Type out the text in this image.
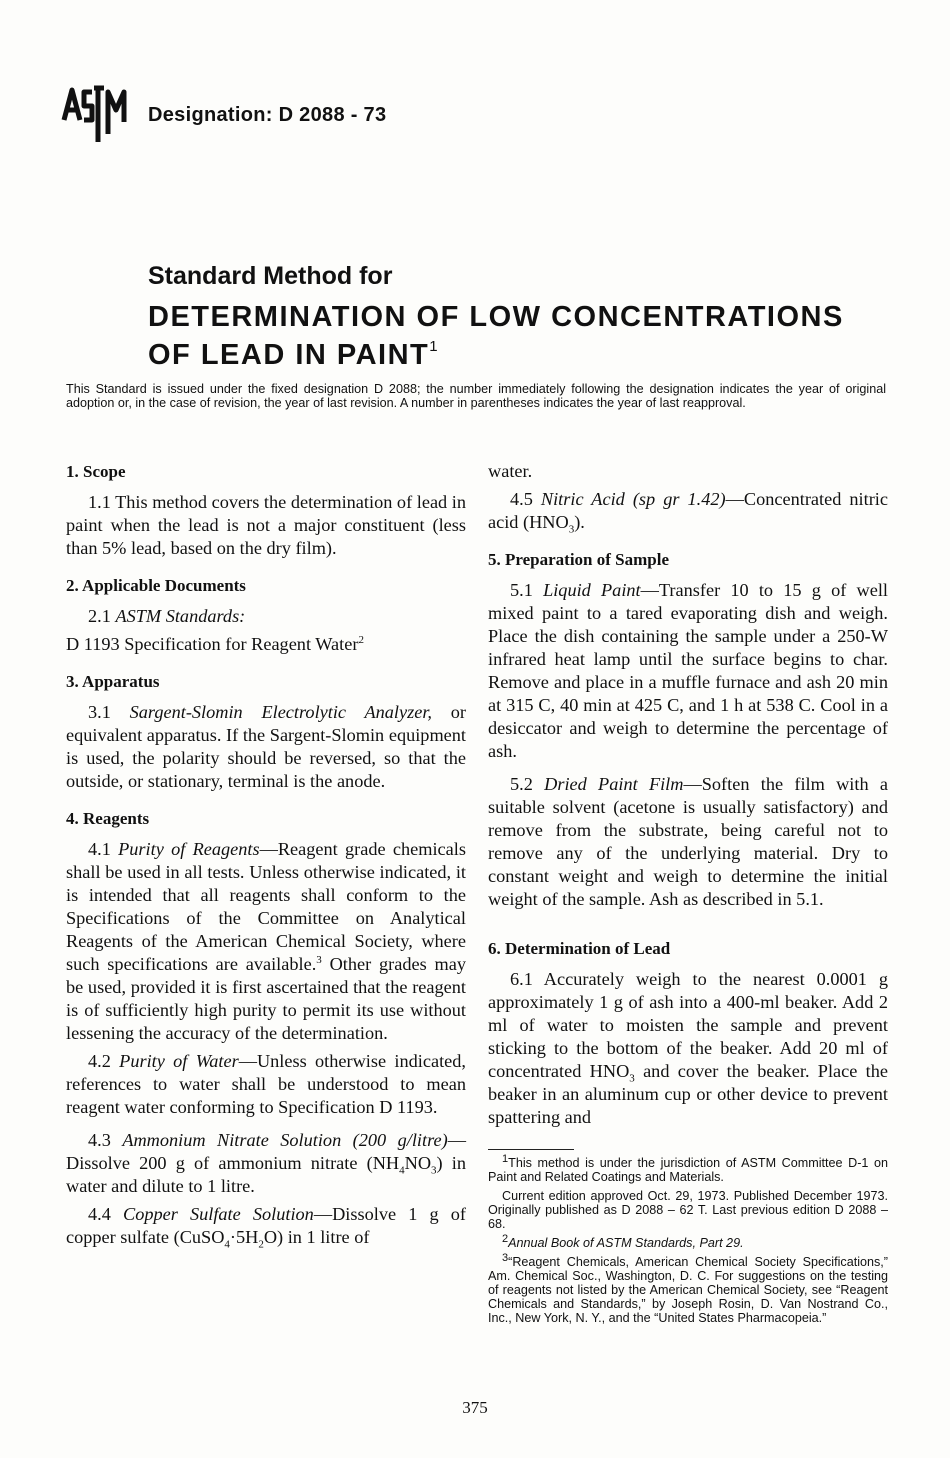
Designation: D 2088 - 73
Standard Method for
DETERMINATION OF LOW CONCENTRATIONS
OF LEAD IN PAINT$^1$
This Standard is issued under the fixed designation D 2088; the number immediately following the designation indicates the year of original adoption or, in the case of revision, the year of last revision. A number in parentheses indicates the year of last reapproval.
1. Scope

1.1 This method covers the determination of lead in paint when the lead is not a major constituent (less than 5% lead, based on the dry film).

2. Applicable Documents

2.1 ASTM Standards:

D 1193 Specification for Reagent Water$^2$

3. Apparatus

3.1 Sargent-Slomin Electrolytic Analyzer, or equivalent apparatus. If the Sargent-Slomin equipment is used, the polarity should be reversed, so that the outside, or stationary, terminal is the anode.

4. Reagents

4.1 Purity of Reagents—Reagent grade chemicals shall be used in all tests. Unless otherwise indicated, it is intended that all reagents shall conform to the Specifications of the Committee on Analytical Reagents of the American Chemical Society, where such specifications are available.$^3$ Other grades may be used, provided it is first ascertained that the reagent is of sufficiently high purity to permit its use without lessening the accuracy of the determination.

4.2 Purity of Water—Unless otherwise indicated, references to water shall be understood to mean reagent water conforming to Specification D 1193.

4.3 Ammonium Nitrate Solution (200 g/litre)—Dissolve 200 g of ammonium nitrate $(NH_4NO_3)$ in water and dilute to 1 litre.

4.4 Copper Sulfate Solution—Dissolve 1 g of copper sulfate $(CuSO_4\cdot 5H_2O)$ in 1 litre of

water.

4.5 Nitric Acid (sp gr 1.42)—Concentrated nitric acid $(HNO_3)$.

5. Preparation of Sample

5.1 Liquid Paint—Transfer 10 to 15 g of well mixed paint to a tared evaporating dish and weigh. Place the dish containing the sample under a 250-W infrared heat lamp until the surface begins to char. Remove and place in a muffle furnace and ash 20 min at 315 C, 40 min at 425 C, and 1 h at 538 C. Cool in a desiccator and weigh to determine the percentage of ash.

5.2 Dried Paint Film—Soften the film with a suitable solvent (acetone is usually satisfactory) and remove from the substrate, being careful not to remove any of the underlying material. Dry to constant weight and weigh to determine the initial weight of the sample. Ash as described in 5.1.

6. Determination of Lead

6.1 Accurately weigh to the nearest 0.0001 g approximately 1 g of ash into a 400-ml beaker. Add 2 ml of water to moisten the sample and prevent sticking to the bottom of the beaker. Add 20 ml of concentrated $HNO_3$ and cover the beaker. Place the beaker in an aluminum cup or other device to prevent spattering and

$^1$This method is under the jurisdiction of ASTM Committee D-1 on Paint and Related Coatings and Materials.

Current edition approved Oct. 29, 1973. Published December 1973. Originally published as D 2088 – 62 T. Last previous edition D 2088 – 68.

$^2$Annual Book of ASTM Standards, Part 29.

$^3$“Reagent Chemicals, American Chemical Society Specifications,” Am. Chemical Soc., Washington, D. C. For suggestions on the testing of reagents not listed by the American Chemical Society, see “Reagent Chemicals and Standards,” by Joseph Rosin, D. Van Nostrand Co., Inc., New York, N. Y., and the “United States Pharmacopeia.”

375
